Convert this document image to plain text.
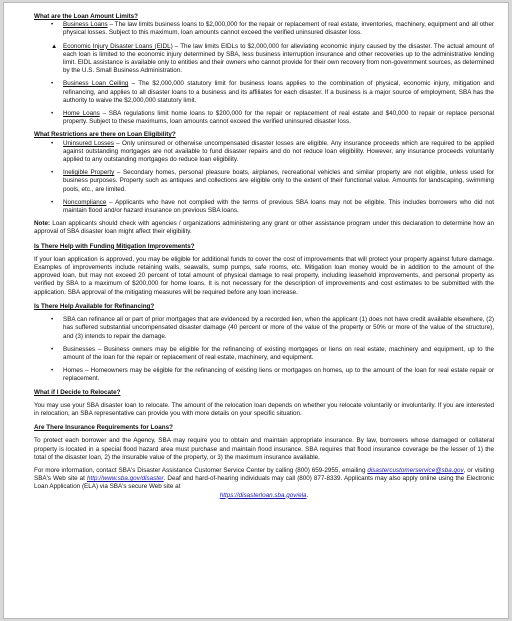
What are the Loan Amount Limits?

• Business Loans – The law limits business loans to $2,000,000 for the repair or replacement of real estate, inventories, machinery, equipment and all other physical losses. Subject to this maximum, loan amounts cannot exceed the verified uninsured disaster loss.
▲ Economic Injury Disaster Loans (EIDL) – The law limits EIDLs to $2,000,000 for alleviating economic injury caused by the disaster. The actual amount of each loan is limited to the economic injury determined by SBA, less business interruption insurance and other recoveries up to the administrative lending limit. EIDL assistance is available only to entities and their owners who cannot provide for their own recovery from non-government sources, as determined by the U.S. Small Business Administration.
• Business Loan Ceiling – The $2,000,000 statutory limit for business loans applies to the combination of physical, economic injury, mitigation and refinancing, and applies to all disaster loans to a business and its affiliates for each disaster. If a business is a major source of employment, SBA has the authority to waive the $2,000,000 statutory limit.
• Home Loans – SBA regulations limit home loans to $200,000 for the repair or replacement of real estate and $40,000 to repair or replace personal property. Subject to these maximums, loan amounts cannot exceed the verified uninsured disaster loss.

What Restrictions are there on Loan Eligibility?

• Uninsured Losses – Only uninsured or otherwise uncompensated disaster losses are eligible. Any insurance proceeds which are required to be applied against outstanding mortgages are not available to fund disaster repairs and do not reduce loan eligibility. However, any insurance proceeds voluntarily applied to any outstanding mortgages do reduce loan eligibility.
• Ineligible Property – Secondary homes, personal pleasure boats, airplanes, recreational vehicles and similar property are not eligible, unless used for business purposes. Property such as antiques and collections are eligible only to the extent of their functional value. Amounts for landscaping, swimming pools, etc., are limited.
• Noncompliance – Applicants who have not complied with the terms of previous SBA loans may not be eligible. This includes borrowers who did not maintain flood and/or hazard insurance on previous SBA loans.

Note: Loan applicants should check with agencies / organizations administering any grant or other assistance program under this declaration to determine how an approval of SBA disaster loan might affect their eligibility.

Is There Help with Funding Mitigation Improvements?

If your loan application is approved, you may be eligible for additional funds to cover the cost of improvements that will protect your property against future damage. Examples of improvements include retaining walls, seawalls, sump pumps, safe rooms, etc. Mitigation loan money would be in addition to the amount of the approved loan, but may not exceed 20 percent of total amount of physical damage to real property, including leasehold improvements, and personal property as verified by SBA to a maximum of $200,000 for home loans. It is not necessary for the description of improvements and cost estimates to be submitted with the application. SBA approval of the mitigating measures will be required before any loan increase.

Is There Help Available for Refinancing?

• SBA can refinance all or part of prior mortgages that are evidenced by a recorded lien, when the applicant (1) does not have credit available elsewhere, (2) has suffered substantial uncompensated disaster damage (40 percent or more of the value of the property or 50% or more of the value of the structure), and (3) intends to repair the damage.
• Businesses – Business owners may be eligible for the refinancing of existing mortgages or liens on real estate, machinery and equipment, up to the amount of the loan for the repair or replacement of real estate, machinery, and equipment.
• Homes – Homeowners may be eligible for the refinancing of existing liens or mortgages on homes, up to the amount of the loan for real estate repair or replacement.

What if I Decide to Relocate?

You may use your SBA disaster loan to relocate. The amount of the relocation loan depends on whether you relocate voluntarily or involuntarily. If you are interested in relocation, an SBA representative can provide you with more details on your specific situation.

Are There Insurance Requirements for Loans?

To protect each borrower and the Agency, SBA may require you to obtain and maintain appropriate insurance. By law, borrowers whose damaged or collateral property is located in a special flood hazard area must purchase and maintain flood insurance. SBA requires that flood insurance coverage be the lesser of 1) the total of the disaster loan, 2) the insurable value of the property, or 3) the maximum insurance available.

For more information, contact SBA's Disaster Assistance Customer Service Center by calling (800) 659-2955, emailing disastercustomerservice@sba.gov, or visiting SBA's Web site at http://www.sba.gov/disaster. Deaf and hard-of-hearing individuals may call (800) 877-8339. Applicants may also apply online using the Electronic Loan Application (ELA) via SBA's secure Web site at
https://disasterloan.sba.gov/ela.
